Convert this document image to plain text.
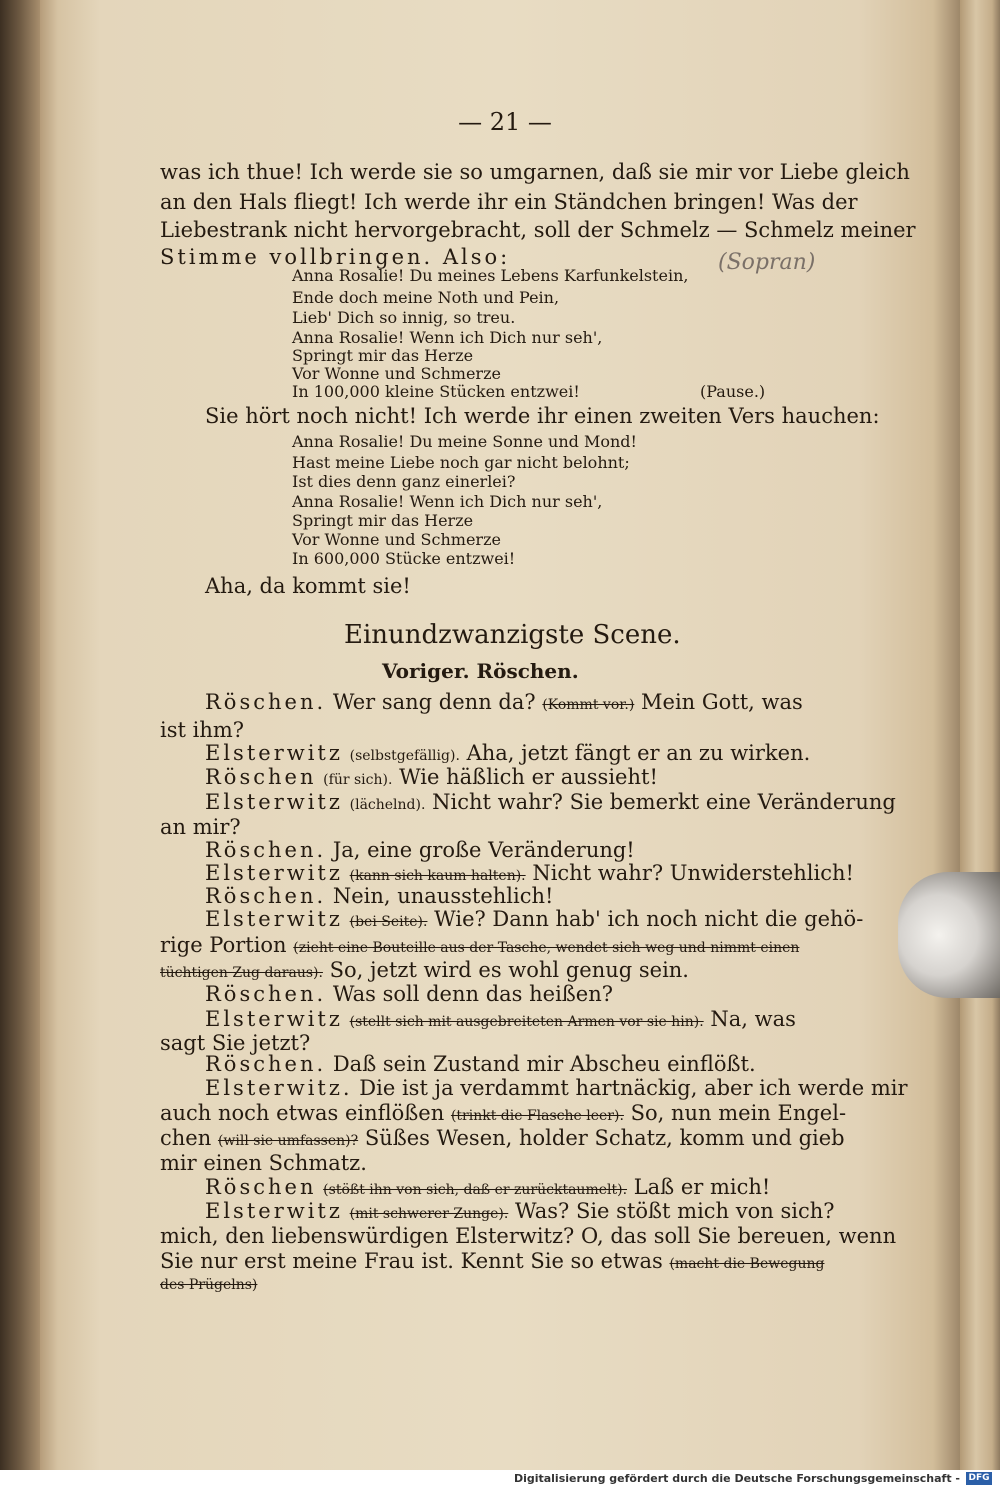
— 21 —
was ich thue! Ich werde sie so umgarnen, daß sie mir vor Liebe gleich
an den Hals fliegt! Ich werde ihr ein Ständchen bringen! Was der
Liebestrank nicht hervorgebracht, soll der Schmelz — Schmelz meiner
Stimme vollbringen. Also:
Anna Rosalie! Du meines Lebens Karfunkelstein,
Ende doch meine Noth und Pein,
Lieb' Dich so innig, so treu.
Anna Rosalie! Wenn ich Dich nur seh',
Springt mir das Herze
Vor Wonne und Schmerze
In 100,000 kleine Stücken entzwei!	(Pause.)
(Sopran)
Sie hört noch nicht! Ich werde ihr einen zweiten Vers hauchen:
Anna Rosalie! Du meine Sonne und Mond!
Hast meine Liebe noch gar nicht belohnt;
Ist dies denn ganz einerlei?
Anna Rosalie! Wenn ich Dich nur seh',
Springt mir das Herze
Vor Wonne und Schmerze
In 600,000 Stücke entzwei!
Aha, da kommt sie!
Einundzwanzigste Scene.
Voriger. Röschen.
Röschen. Wer sang denn da? (Kommt vor.) Mein Gott, was
ist ihm?
Elsterwitz (selbstgefällig). Aha, jetzt fängt er an zu wirken.
Röschen (für sich). Wie häßlich er aussieht!
Elsterwitz (lächelnd). Nicht wahr? Sie bemerkt eine Veränderung
an mir?
Röschen. Ja, eine große Veränderung!
Elsterwitz (kann sich kaum halten). Nicht wahr? Unwiderstehlich!
Röschen. Nein, unausstehlich!
Elsterwitz (bei Seite). Wie? Dann hab' ich noch nicht die gehö-
rige Portion (zieht eine Bouteille aus der Tasche, wendet sich weg und nimmt einen
tüchtigen Zug daraus). So, jetzt wird es wohl genug sein.
Röschen. Was soll denn das heißen?
Elsterwitz (stellt sich mit ausgebreiteten Armen vor sie hin). Na, was
sagt Sie jetzt?
Röschen. Daß sein Zustand mir Abscheu einflößt.
Elsterwitz. Die ist ja verdammt hartnäckig, aber ich werde mir
auch noch etwas einflößen (trinkt die Flasche leer). So, nun mein Engel-
chen (will sie umfassen)? Süßes Wesen, holder Schatz, komm und gieb
mir einen Schmatz.
Röschen (stößt ihn von sich, daß er zurücktaumelt). Laß er mich!
Elsterwitz (mit schwerer Zunge). Was? Sie stößt mich von sich?
mich, den liebenswürdigen Elsterwitz? O, das soll Sie bereuen, wenn
Sie nur erst meine Frau ist. Kennt Sie so etwas (macht die Bewegung
des Prügelns)
Digitalisierung gefördert durch die Deutsche Forschungsgemeinschaft - DFG
